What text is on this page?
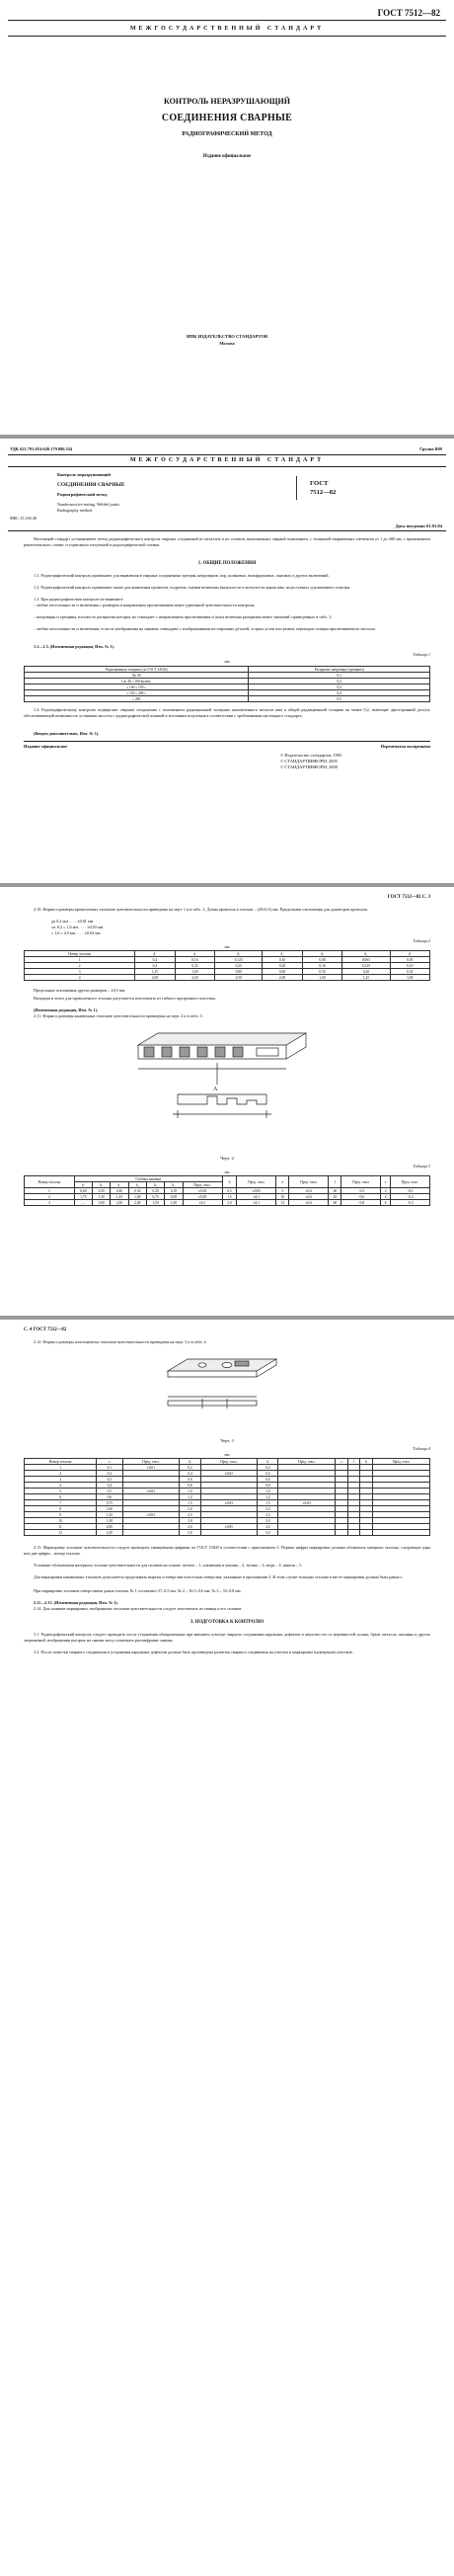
ГОСТ 7512—82
МЕЖГОСУДАРСТВЕННЫЙ СТАНДАРТ
КОНТРОЛЬ НЕРАЗРУШАЮЩИЙ
СОЕДИНЕНИЯ СВАРНЫЕ
РАДИОГРАФИЧЕСКИЙ МЕТОД
Издание официальное
ИПК ИЗДАТЕЛЬСТВО СТАНДАРТОВ
Москва
УДК 621.791.053:620.179.086.354	Группа В09
МЕЖГОСУДАРСТВЕННЫЙ СТАНДАРТ
Контроль неразрушающий
СОЕДИНЕНИЯ СВАРНЫЕ
Радиографический метод
Nondestructive testing. Welded joints.
Radiography method
МКС 25.160.40
ГОСТ
7512—82
Дата введения 01.01.84
Настоящий стандарт устанавливает метод радиографического контроля сварных соединений из металлов и их сплавов, выполненных сваркой плавлением, с толщиной свариваемых элементов от 1 до 400 мм, с применением рентгеновского, гамма- и тормозного излучений и радиографической пленки.
1. ОБЩИЕ ПОЛОЖЕНИЯ
1.1. Радиографический контроль применяют для выявления в сварных соединениях трещин, непроваров, пор, шлаковых, вольфрамовых, окисных и других включений.
1.2. Радиографический контроль применяют также для выявления прожогов, подрезов, оценки величины выпуклости и вогнутости корня шва, недоступных для внешнего осмотра.
1.3. При радиографическом контроле не выявляют:
– любые несплошности и включения с размером в направлении просвечивания менее удвоенной чувствительности контроля;
– непровары и трещины, плоскость раскрытия которых не совпадает с направлением просвечивания и (или) величина раскрытия менее значений, приведенных в табл. 1;
– любые несплошности и включения, если их изображения на снимках совпадают с изображениями посторонних деталей, острых углов или резких перепадов толщин просвечиваемого металла.
1.1—1.3. (Измененная редакция, Изм. № 1).
Таблица 1
мм
Радиационная толщина (по ГОСТ 24034)	Раскрытие непровара (трещины)
До 40	0,1
Св. 40 » 100 включ.	0,2
» 100 » 150 »	0,3
» 150 » 200 »	0,4
» 200	0,5
1.4. Радиографическому контролю подвергают сварные соединения с отношением радиационной толщины наплавленного металла шва к общей радиационной толщине не менее 0,2, имеющие двусторонний доступ, обеспечивающий возможность установки кассеты с радиографической пленкой и источника излучения в соответствии с требованиями настоящего стандарта.
(Введен дополнительно, Изм. № 1).
Издание официальное	Перепечатка воспрещена
© Издательство стандартов, 1983
© СТАНДАРТИНФОРМ, 2005
© СТАНДАРТИНФОРМ, 2008
ГОСТ 7512—82 С. 3
2.10. Форма и размеры проволочных эталонов чувствительности приведены на черт. 1 и в табл. 2. Длина проволок в эталоне – (20±0,5) мм. Предельные отклонения для диаметров проволок:
до 0,2 мм . . . . ±0,01 мм
св. 0,2 » 1,6 мм . . . . ±0,03 мм
» 1,6 » 4,0 мм . . . . ±0,04 мм
Таблица 2
мм
Номер эталона	d₁	d₂	d₃	d₄	d₅	d₆	d₇
1	0,2	0,16	0,125	0,10	0,08	0,063	0,05
2	0,4	0,32	0,25	0,20	0,16	0,125	0,10
3	1,25	1,00	0,80	0,63	0,50	0,40	0,32
4	4,00	3,20	2,50	2,00	1,60	1,25	1,00
Предельные отклонения других размеров – ±0,5 мм.
Вкладыш и чехол для проволочного эталона допускается изготовлять из гибкого прозрачного пластика.
(Измененная редакция, Изм. № 1).
2.11. Форма и размеры канавочных эталонов чувствительности приведены на черт. 2 и в табл. 3.
А
Черт. 2
Таблица 3
мм
Номер эталона	Глубина канавки							b	Пред. откл.	a	Пред. откл.	l	Пред. откл.	s	Пред. откл.
	h₁	h₂	h₃	h₄	h₅	h₆	Пред. откл.								
1	0,60	0,50	0,40	0,30	0,20	0,10	±0,05	0,5	±0,05	5	±0,2	30	−0,5	2	−0,1
2	1,75	1,50	1,25	1,00	0,75	0,50	±0,05	1,5	±0,1	10	±0,3	45	−0,6	4	−0,2
3	—	3,00	2,50	2,00	1,50	1,00	±0,1	3,0	±0,1	12	±0,3	60	−0,8	6	−0,3
С. 4 ГОСТ 7512—82
2.12. Форма и размеры пластинчатых эталонов чувствительности приведены на черт. 3 и в табл. 4.
Черт. 3
Таблица 4
мм
Номер эталона	s	Пред. откл.	d₁	Пред. откл.	d₂	Пред. откл.	c	l	b	Пред. откл.
1	0,1	±0,01	0,2		0,2					
2	0,2		0,4	±0,02	0,4					
3	0,3		0,6		0,6					
4	0,4		0,8		0,8					
5	0,5	±0,02	1,0		1,0					
6	0,6		1,2		1,2					
7	0,75		1,5	±0,03	1,5	±0,03				
8	1,00		2,0		2,0					
9	1,25	±0,03	2,5		2,5					
10	1,50		3,0		3,0					
11	2,00		4,0	±0,05	4,0					
12	2,50		5,0		5,0					
2.13. Маркировку эталонов чувствительности следует проводить свинцовыми цифрами по ГОСТ 15843 в соответствии с приложением 3. Первые цифры маркировки должны обозначать материал эталона, следующие одна или две цифры – номер эталона.
Условные обозначения материала эталона чувствительности для сплавов на основе: железа – 1, алюминия и магния – 2, титана – 3, меди – 4, никеля – 5.
Для маркировки канавочных эталонов допускается проделывать вырезы и отверстия или только отверстия, указанные в приложении 3. В этом случае толщина эталона в месте маркировки должна быть равна s.
При маркировке эталонов отверстиями длина эталона № 1 составляет 27–0,5 мм, № 2 – 30,5–0,6 мм, № 3 – 33–0,8 мм.
2.11—2.13. (Измененная редакция, Изм. № 1).
2.14. Для снимков маркировки, изображение эталонов чувствительности следует изготовлять из свинца и его сплавов.
3. ПОДГОТОВКА К КОНТРОЛЮ
3.1. Радиографический контроль следует проводить после устранения обнаруженных при внешнем осмотре сварного соединения наружных дефектов и зачистки его от неровностей, шлака, брызг металла, окалины и других загрязнений, изображения которых на снимке могут помешать расшифровке снимка.
3.2. После зачистки сварного соединения и устранения наружных дефектов должна быть произведена разметка сварного соединения на участки и маркировка (нумерация) участков.
